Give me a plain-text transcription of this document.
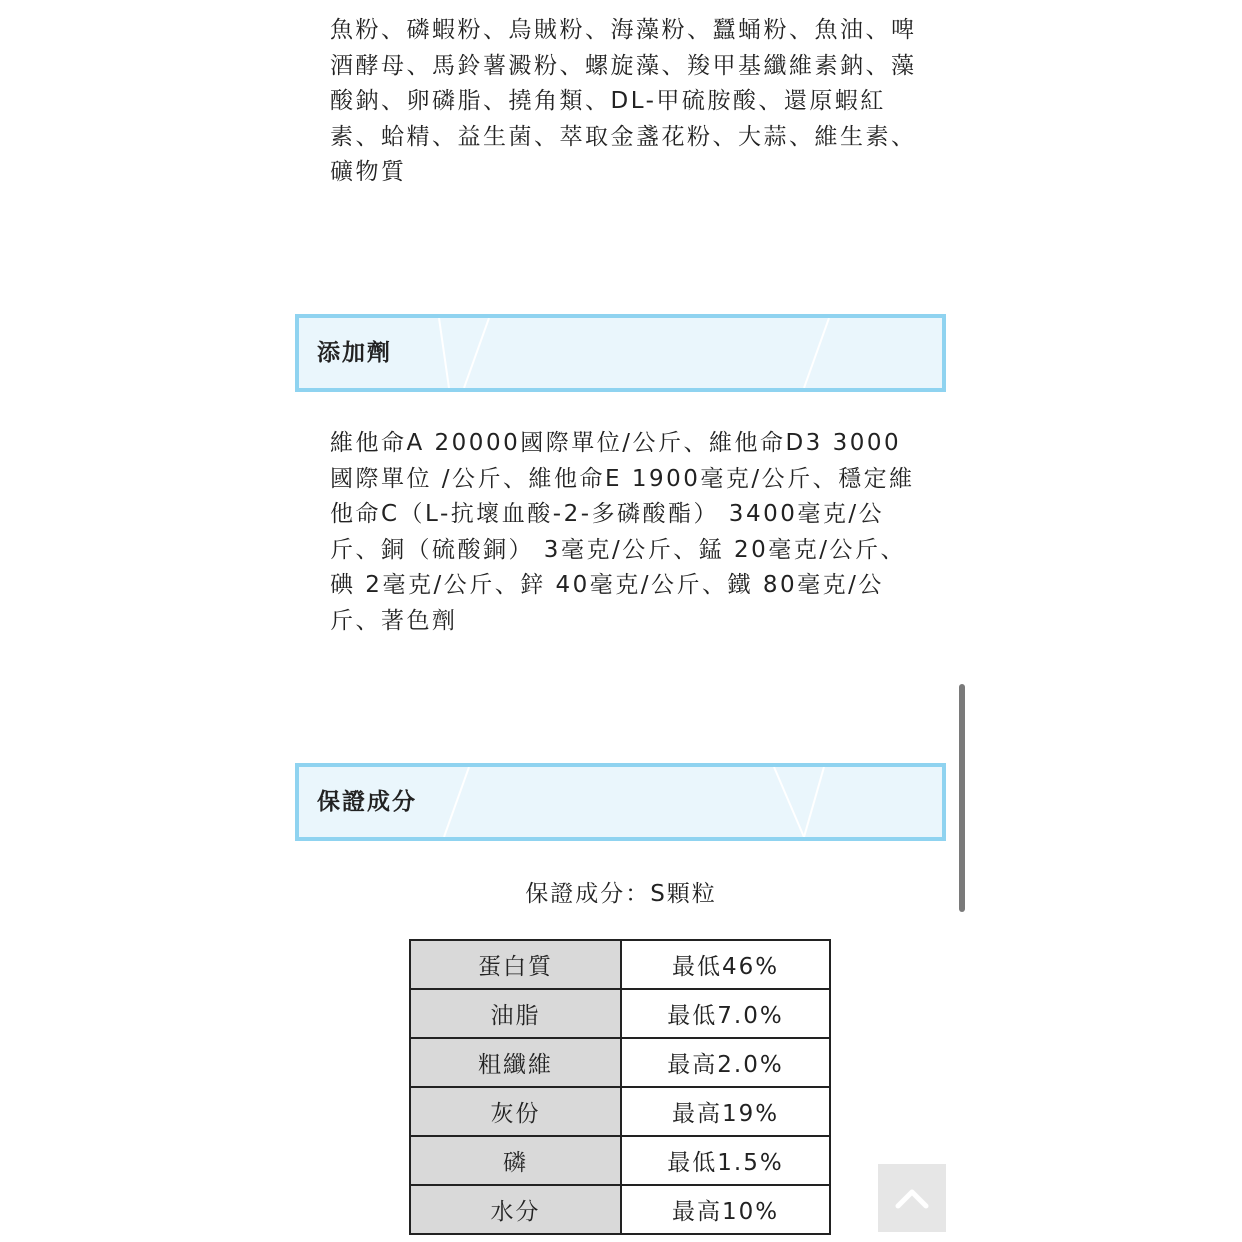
魚粉、磷蝦粉、烏賊粉、海藻粉、蠶蛹粉、魚油、啤酒酵母、馬鈴薯澱粉、螺旋藻、羧甲基纖維素鈉、藻酸鈉、卵磷脂、撓角類、DL-甲硫胺酸、還原蝦紅素、蛤精、益生菌、萃取金盞花粉、大蒜、維生素、礦物質

添加劑

維他命A 20000國際單位/公斤、維他命D3 3000國際單位 /公斤、維他命E 1900毫克/公斤、穩定維他命C（L-抗壞血酸-2-多磷酸酯） 3400毫克/公斤、銅（硫酸銅） 3毫克/公斤、錳 20毫克/公斤、碘 2毫克/公斤、鋅 40毫克/公斤、鐵 80毫克/公斤、著色劑

保證成分
保證成分：S顆粒
蛋白質	最低46%
油脂	最低7.0%
粗纖維	最高2.0%
灰份	最高19%
磷	最低1.5%
水分	最高10%
